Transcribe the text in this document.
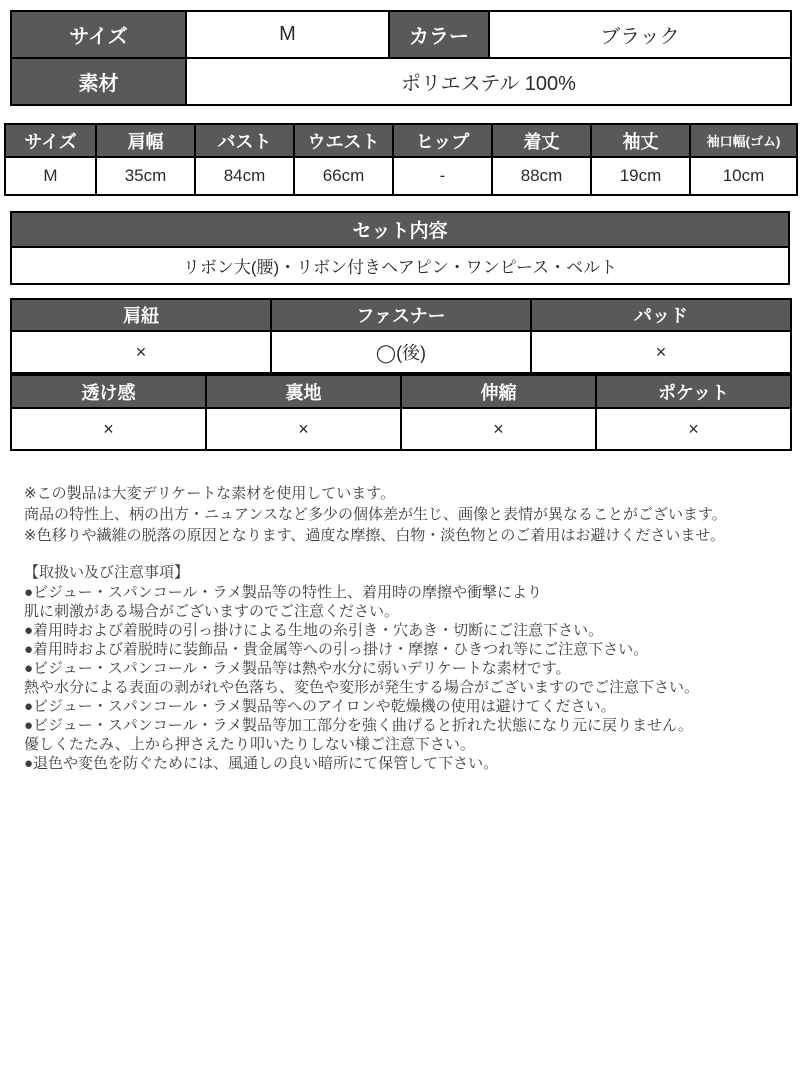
サイズ	M	カラー	ブラック
素材	ポリエステル 100%		
サイズ	肩幅	バスト	ウエスト	ヒップ	着丈	袖丈	袖口幅(ゴム)
M	35cm	84cm	66cm	-	88cm	19cm	10cm
セット内容
リボン大(腰)・リボン付きヘアピン・ワンピース・ベルト
肩紐	ファスナー	パッド
×	◯(後)	×
透け感	裏地	伸縮	ポケット
×	×	×	×

※この製品は大変デリケートな素材を使用しています。

商品の特性上、柄の出方・ニュアンスなど多少の個体差が生じ、画像と表情が異なることがございます。

※色移りや繊維の脱落の原因となります、過度な摩擦、白物・淡色物とのご着用はお避けくださいませ。

【取扱い及び注意事項】

●ビジュー・スパンコール・ラメ製品等の特性上、着用時の摩擦や衝撃により

肌に刺激がある場合がございますのでご注意ください。

●着用時および着脱時の引っ掛けによる生地の糸引き・穴あき・切断にご注意下さい。

●着用時および着脱時に装飾品・貴金属等への引っ掛け・摩擦・ひきつれ等にご注意下さい。

●ビジュー・スパンコール・ラメ製品等は熱や水分に弱いデリケートな素材です。

熱や水分による表面の剥がれや色落ち、変色や変形が発生する場合がございますのでご注意下さい。

●ビジュー・スパンコール・ラメ製品等へのアイロンや乾燥機の使用は避けてください。

●ビジュー・スパンコール・ラメ製品等加工部分を強く曲げると折れた状態になり元に戻りません。

優しくたたみ、上から押さえたり叩いたりしない様ご注意下さい。

●退色や変色を防ぐためには、風通しの良い暗所にて保管して下さい。
